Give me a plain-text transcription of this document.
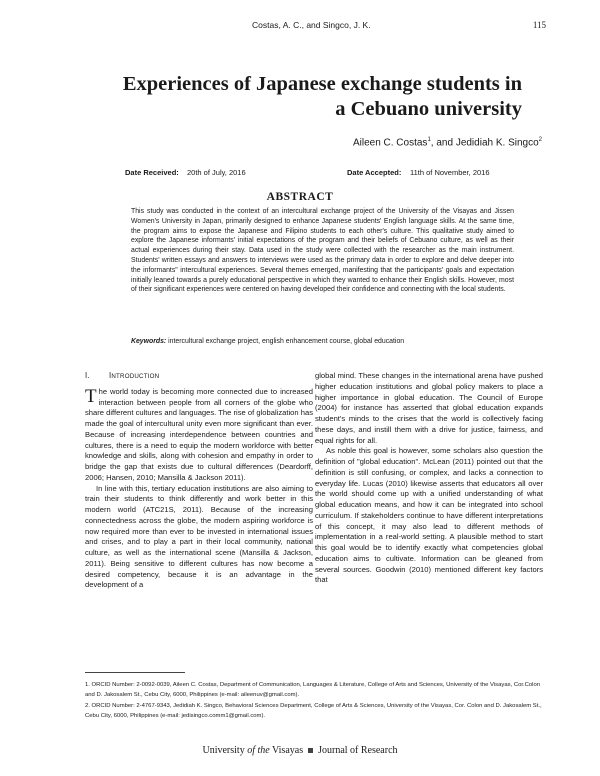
Costas, A. C., and Singco, J. K.	115
Experiences of Japanese exchange students in
a Cebuano university
Aileen C. Costas$^1$, and Jedidiah K. Singco$^2$
Date Received: 20th of July, 2016	Date Accepted: 11th of November, 2016
ABSTRACT

This study was conducted in the context of an intercultural exchange project of the University of the Visayas and Jissen Women's University in Japan, primarily designed to enhance Japanese students' English language skills. At the same time, the program aims to expose the Japanese and Filipino students to each other's culture. This qualitative study aimed to explore the Japanese informants' initial expectations of the program and their beliefs of Cebuano culture, as well as their actual experiences during their stay. Data used in the study were collected with the researcher as the main instrument. Students' written essays and answers to interviews were used as the primary data in order to explore and delve deeper into the informants" intercultural experiences. Several themes emerged, manifesting that the participants' goals and expectation initially leaned towards a purely educational perspective in which they wanted to enhance their English skills. However, most of their significant experiences were centered on having developed their confidence and connecting with the local students.

Keywords: intercultural exchange project, english enhancement course, global education
I. INTRODUCTION

The world today is becoming more connected due to increased interaction between people from all corners of the globe who share different cultures and languages. The rise of globalization has made the goal of intercultural unity even more significant than ever. Because of increasing interdependence between countries and cultures, there is a need to equip the modern workforce with better knowledge and skills, along with cohesion and empathy in order to bridge the gap that exists due to cultural differences (Deardorff, 2006; Hansen, 2010; Mansilla & Jackson 2011).

In line with this, tertiary education institutions are also aiming to train their students to think differently and work better in this modern world (ATC21S, 2011). Because of the increasing connectedness across the globe, the modern aspiring workforce is now required more than ever to be invested in international issues and crises, and to play a part in their local community, national culture, as well as the international scene (Mansilla & Jackson, 2011). Being sensitive to different cultures has now become a desired competency, because it is an advantage in the development of a

global mind. These changes in the international arena have pushed higher education institutions and global policy makers to place a higher importance in global education. The Council of Europe (2004) for instance has asserted that global education expands student's minds to the crises that the world is collectively facing these days, and instill them with a drive for justice, fairness, and equal rights for all.

As noble this goal is however, some scholars also question the definition of "global education". McLean (2011) pointed out that the definition is still confusing, or complex, and lacks a connection to everyday life. Lucas (2010) likewise asserts that educators all over the world should come up with a unified understanding of what global education means, and how it can be integrated into school curriculum. If stakeholders continue to have different interpretations of this concept, it may also lead to different methods of implementation in a real-world setting. A plausible method to start this goal would be to identify exactly what competencies global education aims to cultivate. Information can be gleaned from several sources. Goodwin (2010) mentioned different key factors that

1. ORCID Number: 2-0092-0039, Aileen C. Costas, Department of Communication, Languages & Literature, College of Arts and Sciences, University of the Visayas, Cor.Colon and D. Jakosalem St., Cebu City, 6000, Philippines (e-mail: aileenuv@gmail.com).

2. ORCID Number: 2-4767-9343, Jedidiah K. Singco, Behavioral Sciences Department, College of Arts & Sciences, University of the Visayas, Cor. Colon and D. Jakosalem St., Cebu City, 6000, Philippines (e-mail: jedisingco.comm1@gmail.com).

University of the Visayas Journal of Research
